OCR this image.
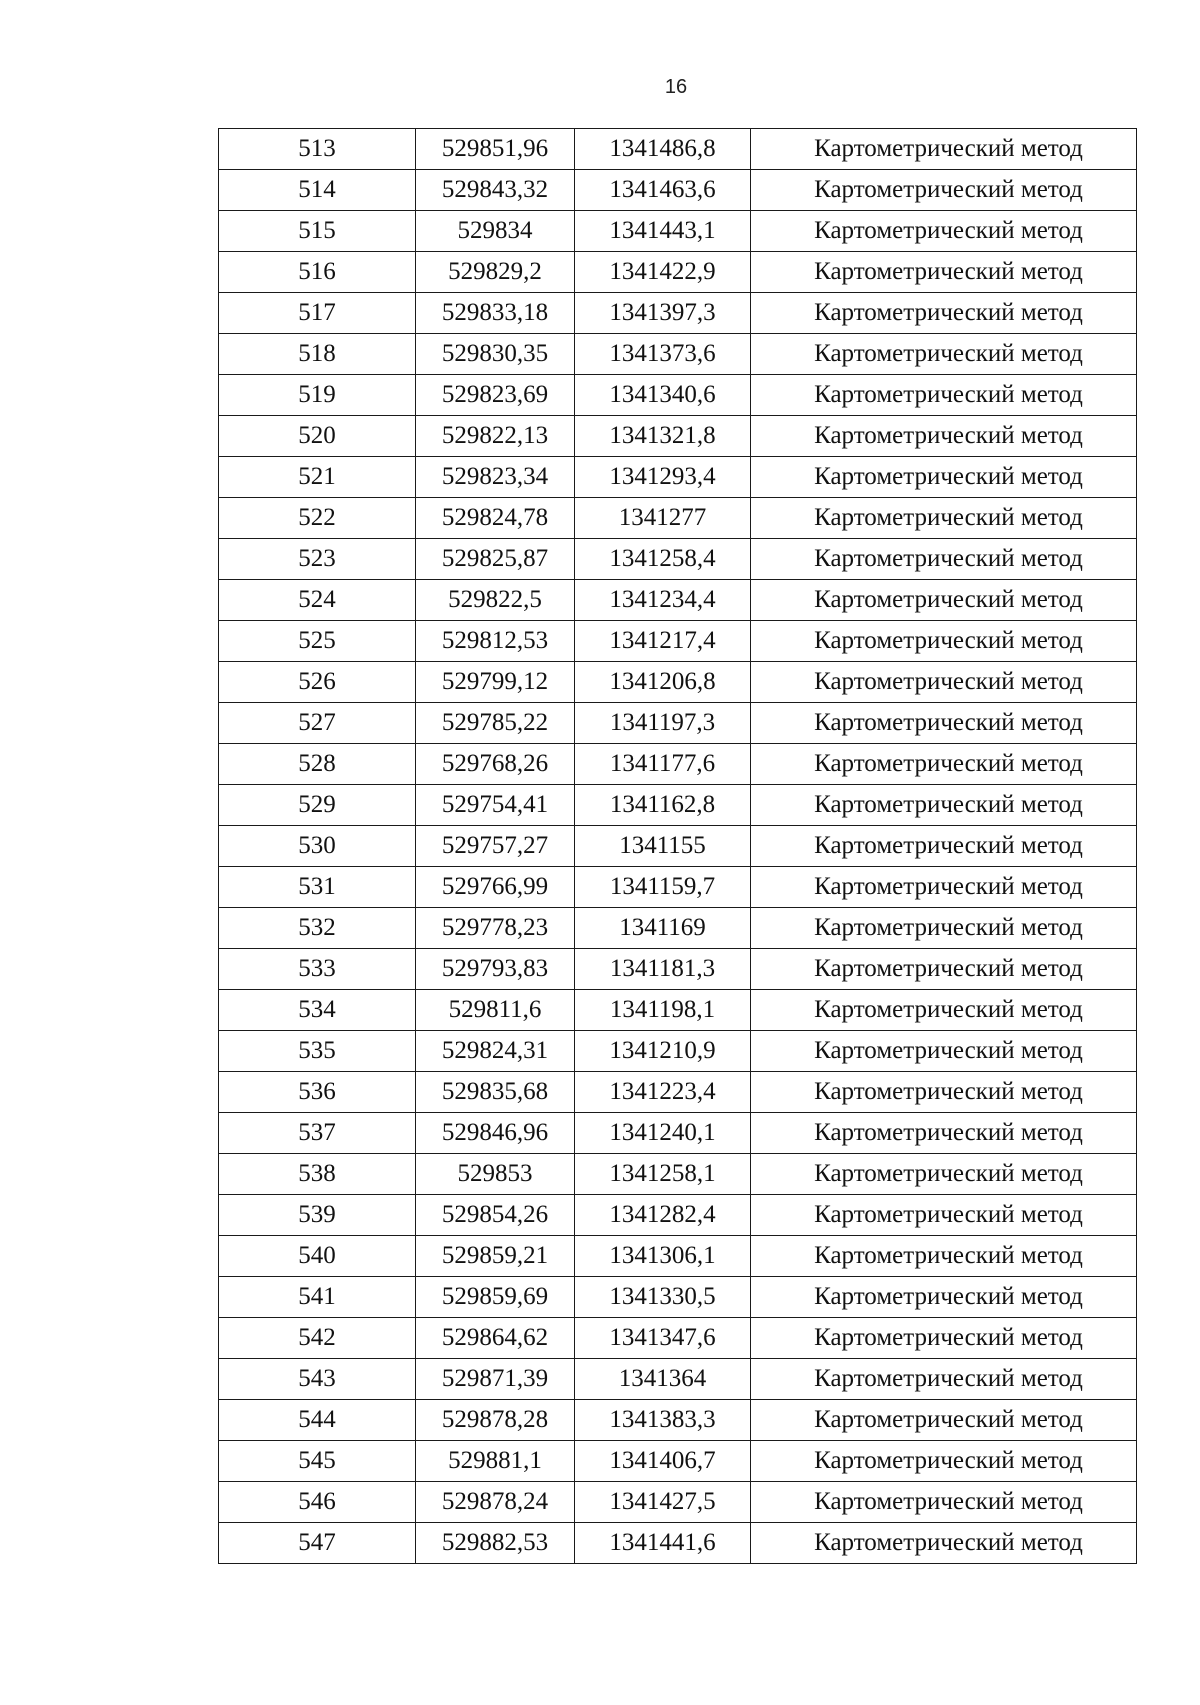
16
513	529851,96	1341486,8	Картометрический метод
514	529843,32	1341463,6	Картометрический метод
515	529834	1341443,1	Картометрический метод
516	529829,2	1341422,9	Картометрический метод
517	529833,18	1341397,3	Картометрический метод
518	529830,35	1341373,6	Картометрический метод
519	529823,69	1341340,6	Картометрический метод
520	529822,13	1341321,8	Картометрический метод
521	529823,34	1341293,4	Картометрический метод
522	529824,78	1341277	Картометрический метод
523	529825,87	1341258,4	Картометрический метод
524	529822,5	1341234,4	Картометрический метод
525	529812,53	1341217,4	Картометрический метод
526	529799,12	1341206,8	Картометрический метод
527	529785,22	1341197,3	Картометрический метод
528	529768,26	1341177,6	Картометрический метод
529	529754,41	1341162,8	Картометрический метод
530	529757,27	1341155	Картометрический метод
531	529766,99	1341159,7	Картометрический метод
532	529778,23	1341169	Картометрический метод
533	529793,83	1341181,3	Картометрический метод
534	529811,6	1341198,1	Картометрический метод
535	529824,31	1341210,9	Картометрический метод
536	529835,68	1341223,4	Картометрический метод
537	529846,96	1341240,1	Картометрический метод
538	529853	1341258,1	Картометрический метод
539	529854,26	1341282,4	Картометрический метод
540	529859,21	1341306,1	Картометрический метод
541	529859,69	1341330,5	Картометрический метод
542	529864,62	1341347,6	Картометрический метод
543	529871,39	1341364	Картометрический метод
544	529878,28	1341383,3	Картометрический метод
545	529881,1	1341406,7	Картометрический метод
546	529878,24	1341427,5	Картометрический метод
547	529882,53	1341441,6	Картометрический метод
